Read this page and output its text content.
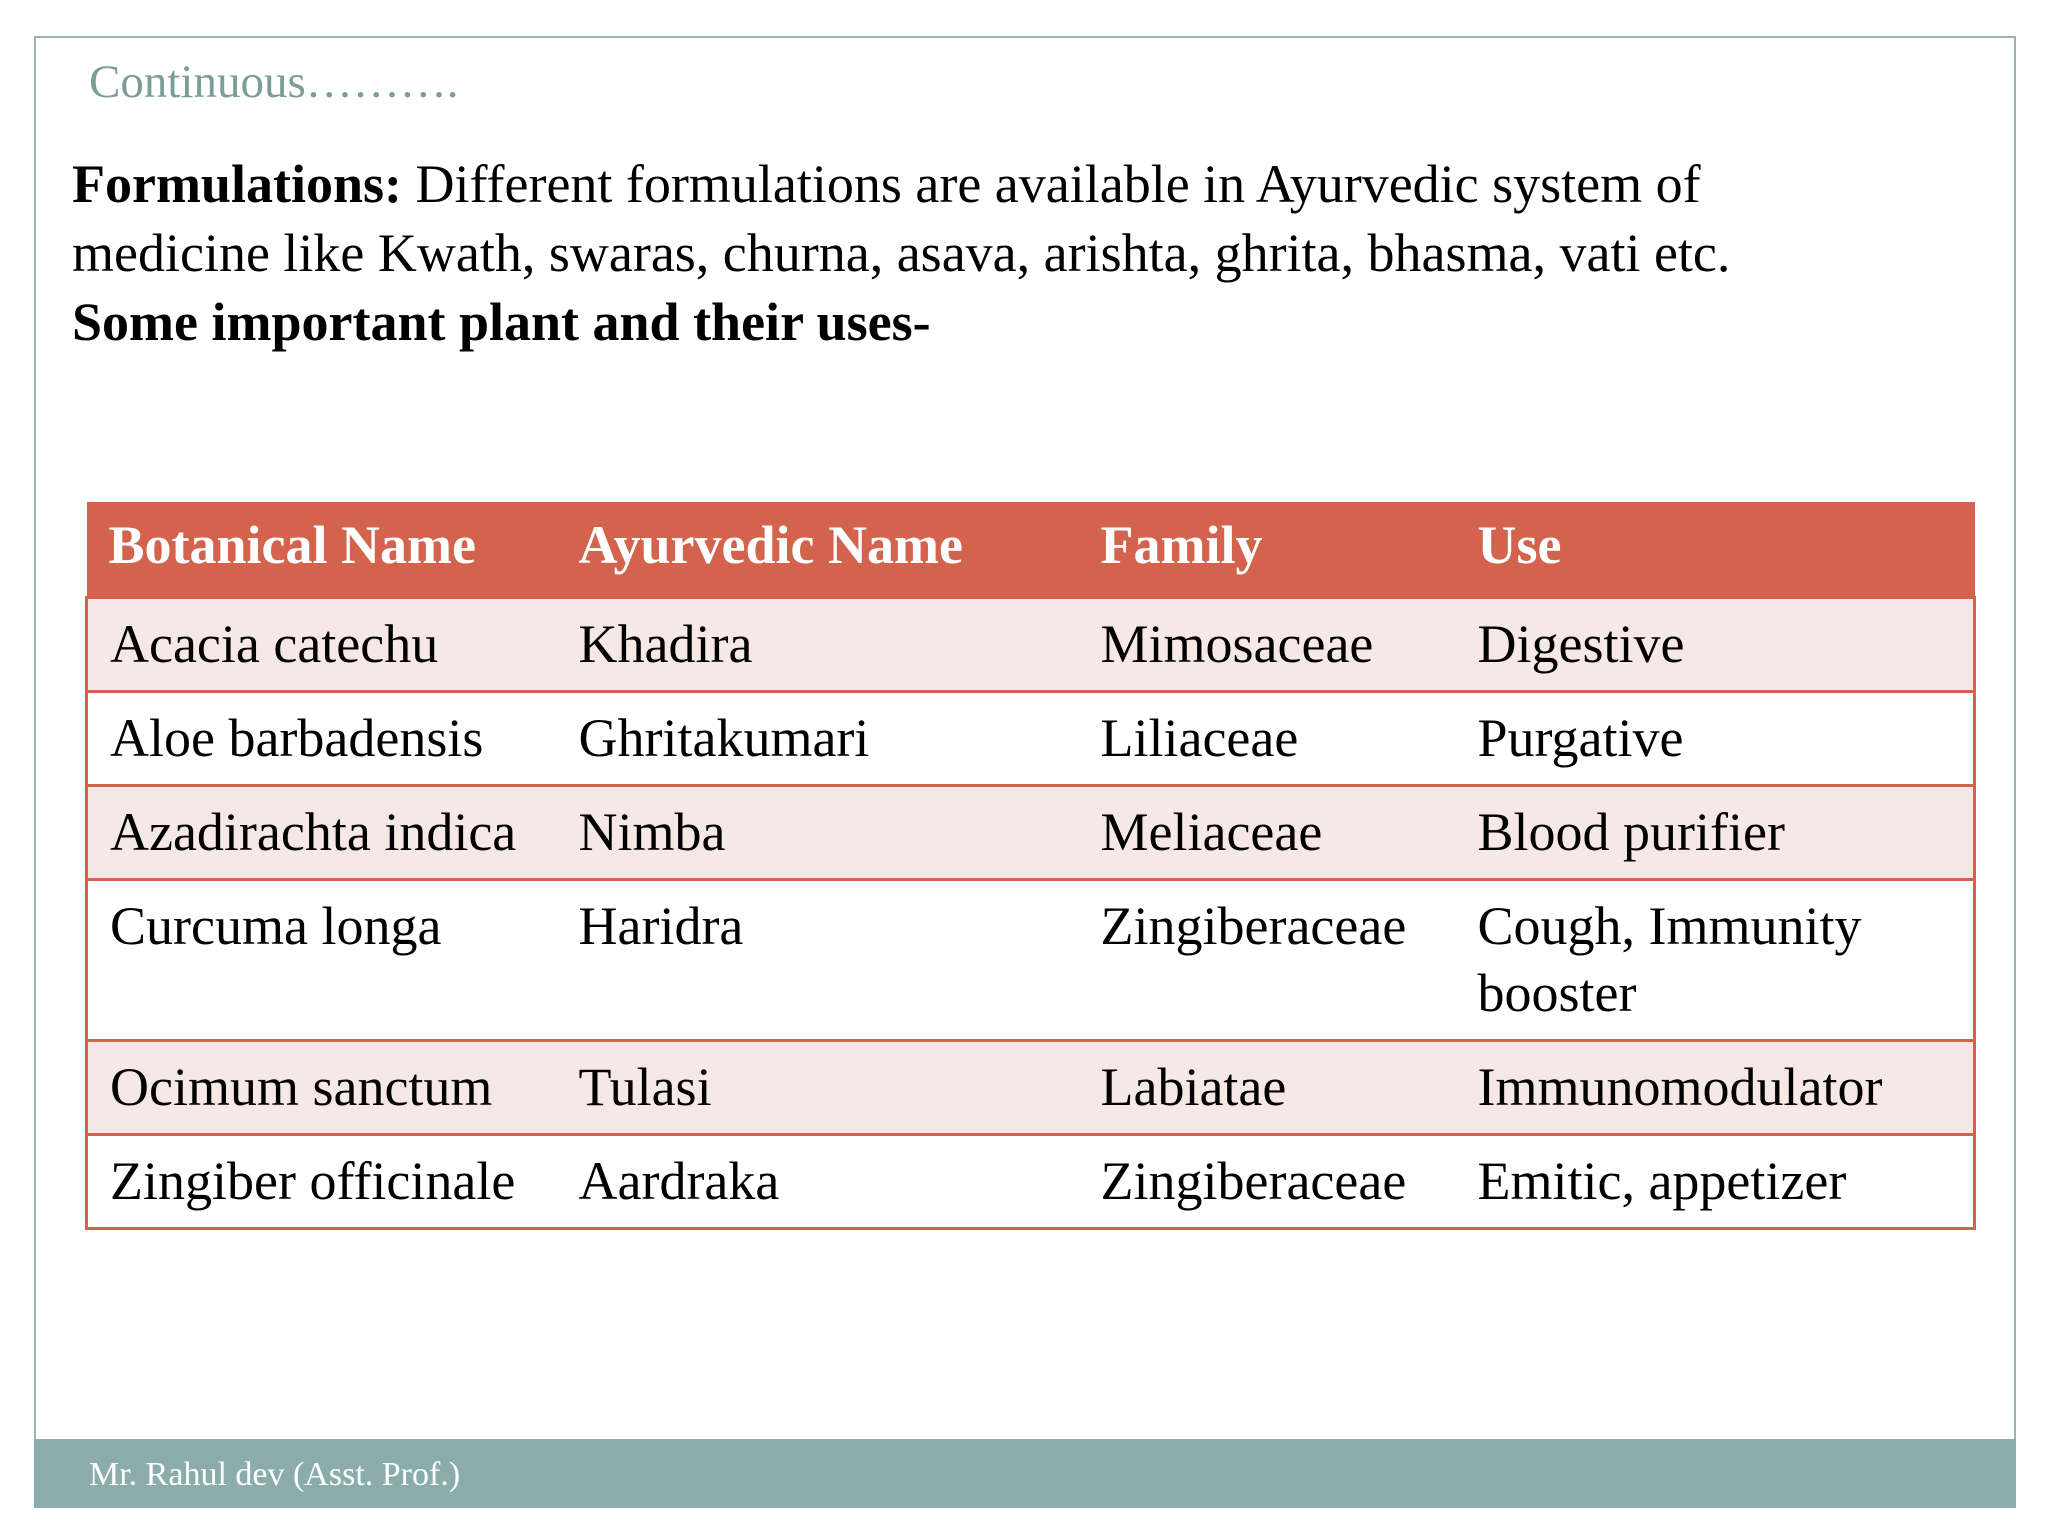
Continuous……….

Formulations: Different formulations are available in Ayurvedic system of
medicine like Kwath, swaras, churna, asava, arishta, ghrita, bhasma, vati etc.
Some important plant and their uses-
Botanical Name	Ayurvedic Name	Family	Use
Acacia catechu	Khadira	Mimosaceae	Digestive
Aloe barbadensis	Ghritakumari	Liliaceae	Purgative
Azadirachta indica	Nimba	Meliaceae	Blood purifier
Curcuma longa	Haridra	Zingiberaceae	Cough, Immunity booster
Ocimum sanctum	Tulasi	Labiatae	Immunomodulator
Zingiber officinale	Aardraka	Zingiberaceae	Emitic, appetizer

Mr. Rahul dev (Asst. Prof.)
